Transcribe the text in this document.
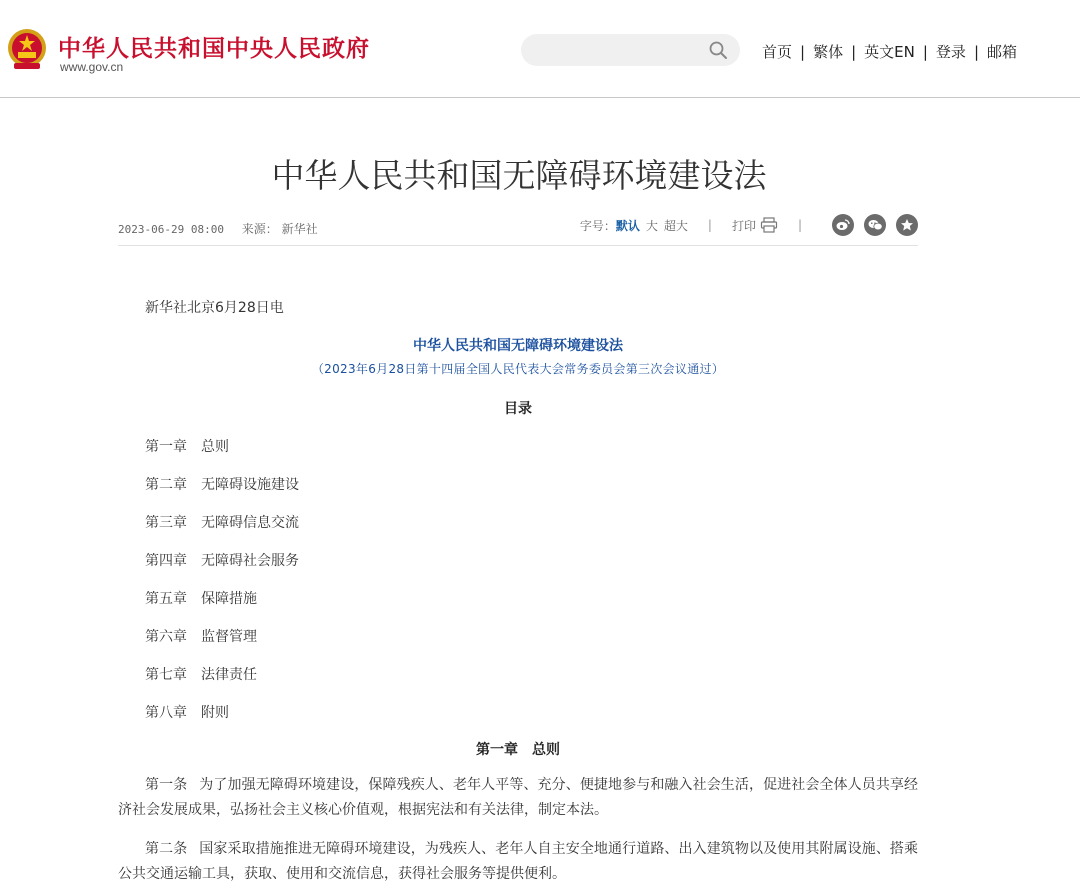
中华人民共和国中央人民政府
www.gov.cn
首页 | 繁体 | 英文EN | 登录 | 邮箱
中华人民共和国无障碍环境建设法
2023-06-29 08:00 来源： 新华社	字号： 默认 大 超大 | 打印	|

新华社北京6月28日电

中华人民共和国无障碍环境建设法

（2023年6月28日第十四届全国人民代表大会常务委员会第三次会议通过）

目录

第一章 总则

第二章 无障碍设施建设

第三章 无障碍信息交流

第四章 无障碍社会服务

第五章 保障措施

第六章 监督管理

第七章 法律责任

第八章 附则

第一章　总则

第一条 为了加强无障碍环境建设，保障残疾人、老年人平等、充分、便捷地参与和融入社会生活，促进社会全体人员共享经济社会发展成果，弘扬社会主义核心价值观，根据宪法和有关法律，制定本法。

第二条 国家采取措施推进无障碍环境建设，为残疾人、老年人自主安全地通行道路、出入建筑物以及使用其附属设施、搭乘公共交通运输工具，获取、使用和交流信息，获得社会服务等提供便利。
